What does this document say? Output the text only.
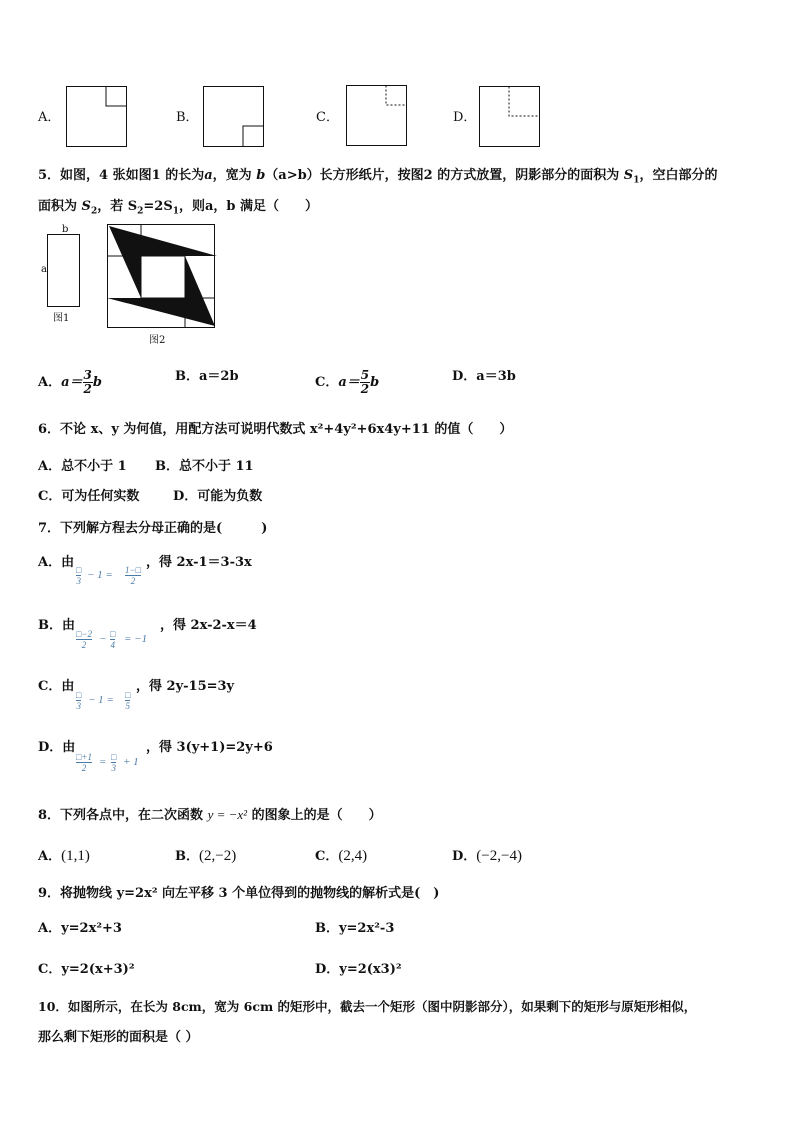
A．	B．	C．	D．
5．如图，4 张如图1 的长为a，宽为 b（a>b）长方形纸片，按图2 的方式放置，阴影部分的面积为 $S_1$，空白部分的
面积为 $S_2$，若 $S_2=2S_1$，则a，b 满足（　　）
b
a
图1
图2
A．$a= \frac{3}{2}$ b	B．a＝2b	C．$a= \frac{5}{2}$ b	D．a＝3b
6．不论 x、y 为何值，用配方法可说明代数式 x²+4y²+6x4y+11 的值（　　）
A．总不小于 1 B．总不小于 11
C．可为任何实数	D．可能为负数
7．下列解方程去分母正确的是(　　　)
A．由 □
$3 - 1 = \frac{1-□}{2}$
，得 2x-1＝3-3x
B．由
$\frac{□-2}{2}$ − □
4 = −1
，得 2x-2-x＝4
C．由
□
3 − 1 = □
5
，得 2y-15=3y
D．由
$\frac{□+1}{2}$ = □
3 + 1
，得 3(y+1)=2y+6
8．下列各点中，在二次函数 y = −x² 的图象上的是（　　）
A．(1,1)	B．(2,−2)	C．(2,4)	D．(−2,−4)
9．将抛物线 y=2x² 向左平移 3 个单位得到的抛物线的解析式是(　)
A．y=2x²+3	B．y=2x²-3
C．y=2(x+3)²	D．y=2(x3)²
10．如图所示，在长为 8cm，宽为 6cm 的矩形中，截去一个矩形（图中阴影部分），如果剩下的矩形与原矩形相似，
那么剩下矩形的面积是（ ）
